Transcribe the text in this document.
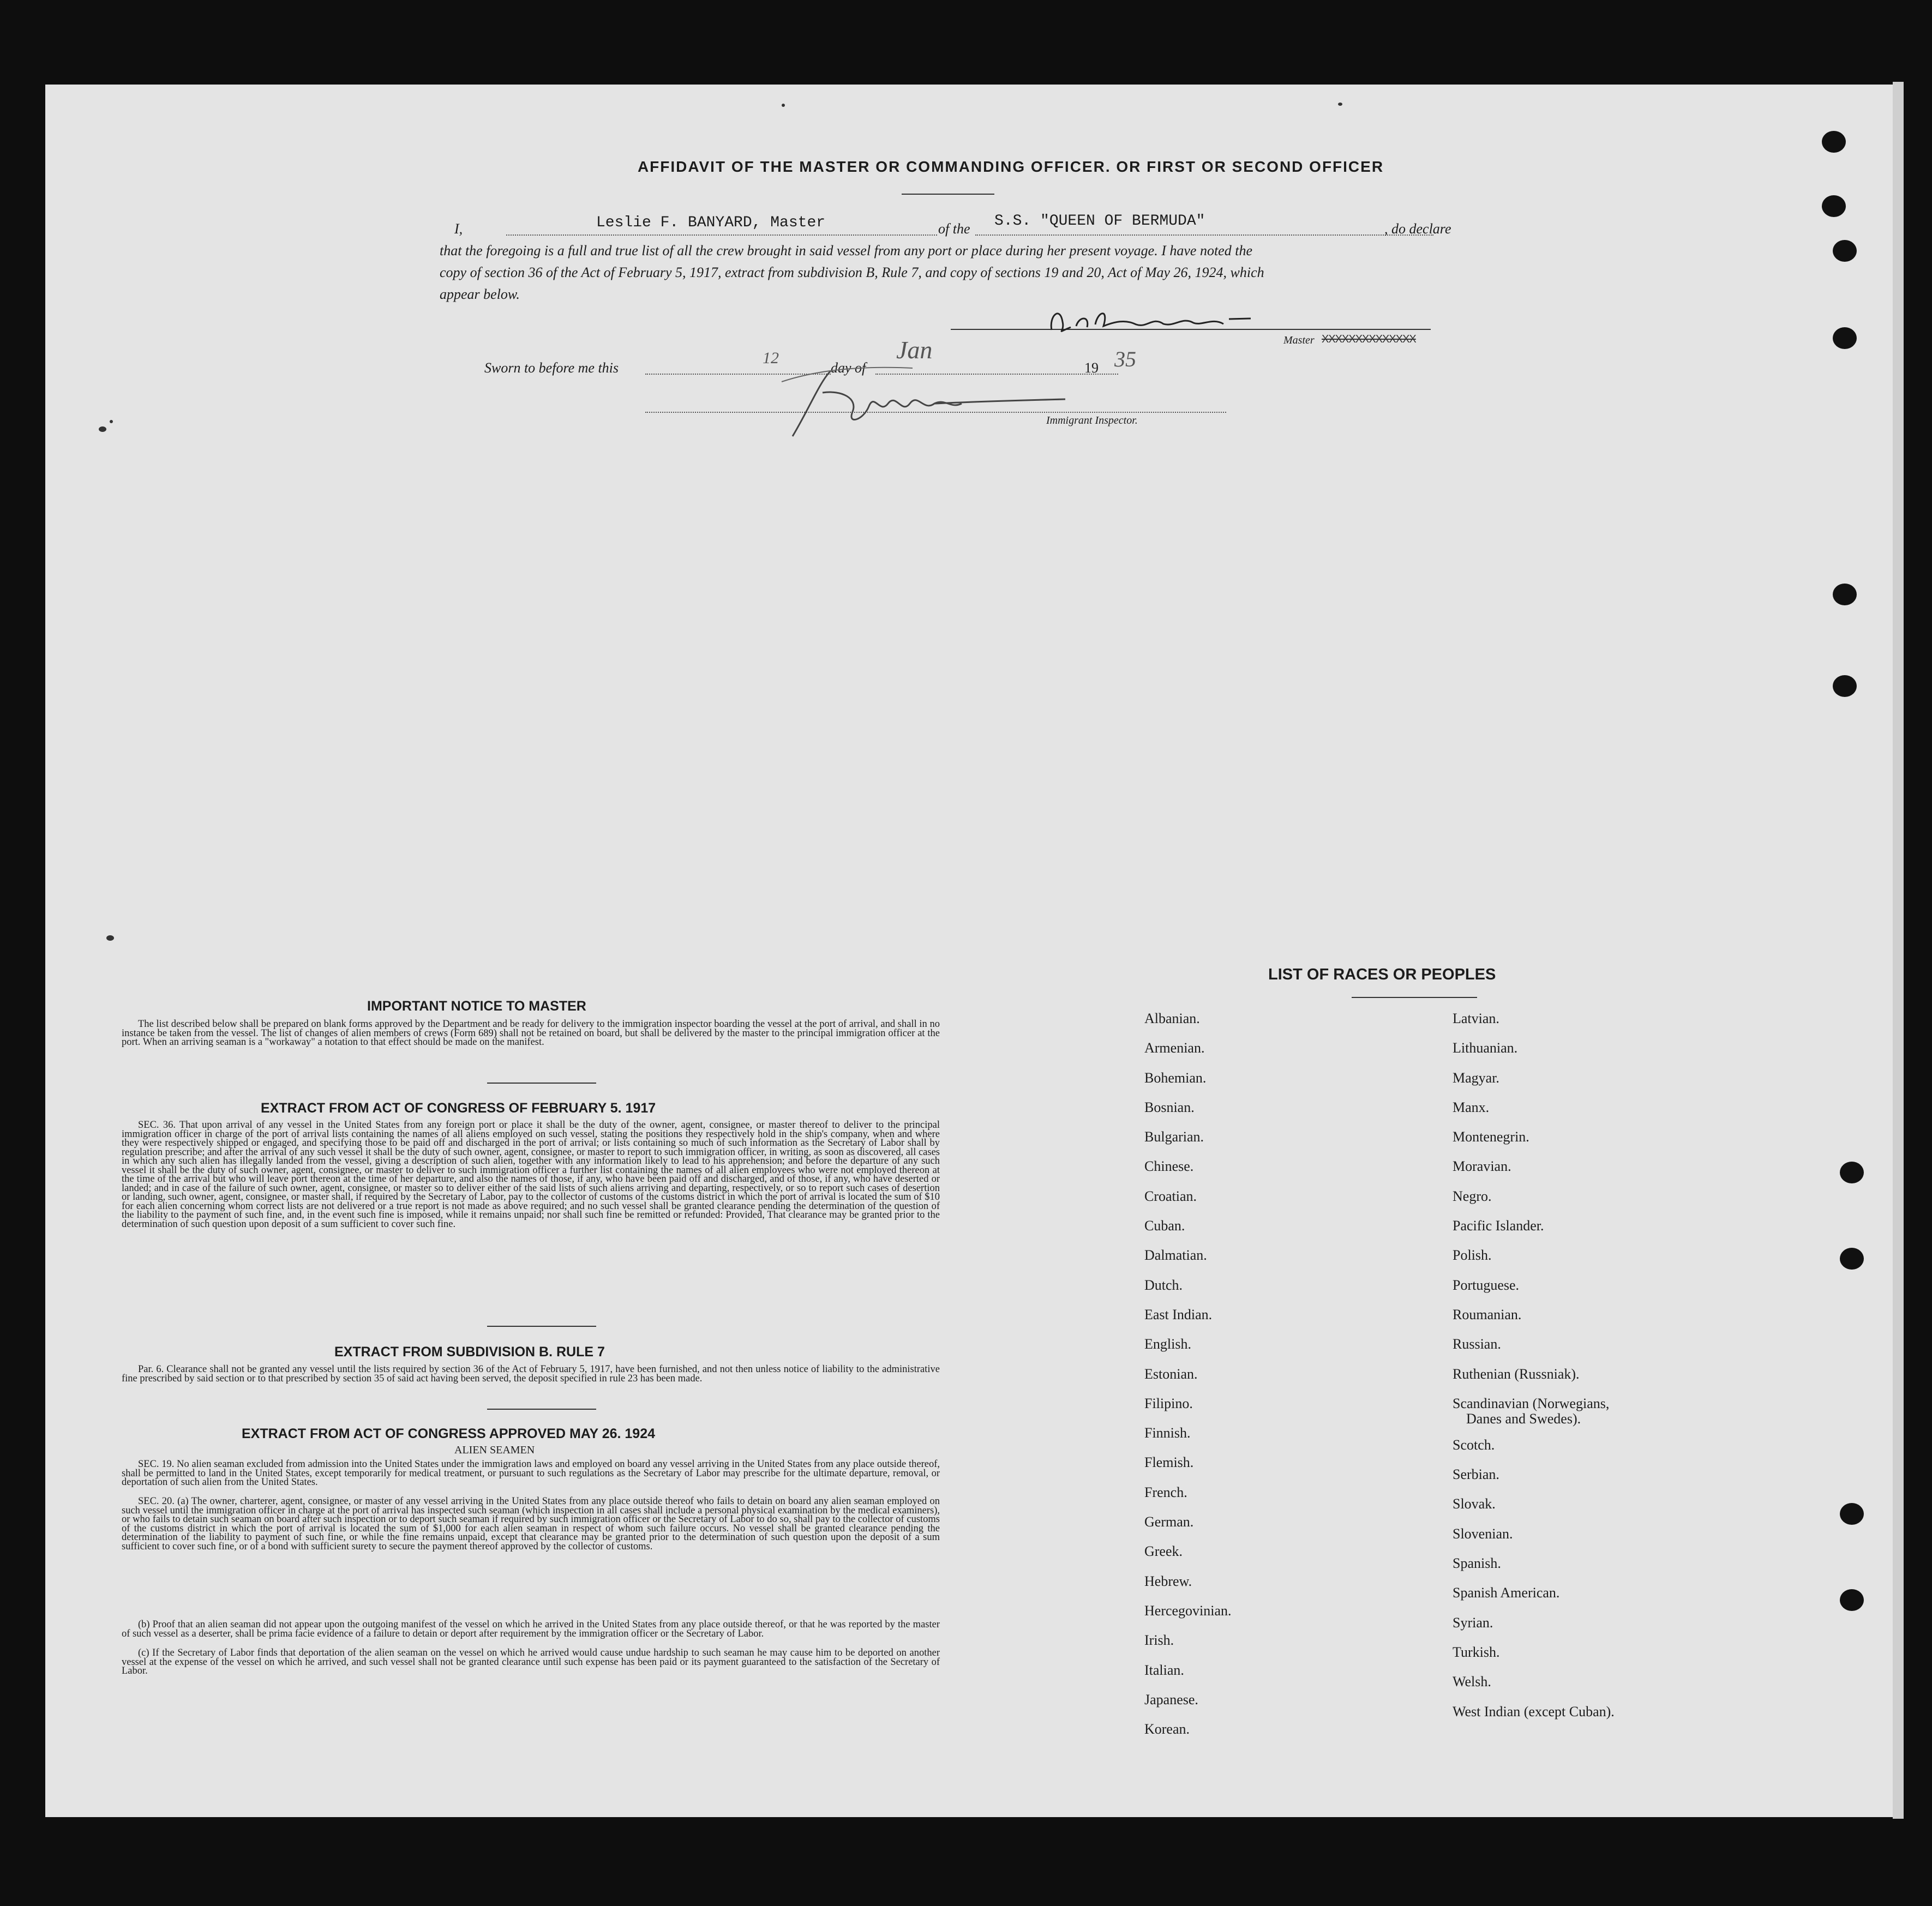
AFFIDAVIT OF THE MASTER OR COMMANDING OFFICER. OR FIRST OR SECOND OFFICER
I,	Leslie F. BANYARD, Master	of the S.S. "QUEEN OF BERMUDA"	, do declare
that the foregoing is a full and true list of all the crew brought in said vessel from any port or place during her present voyage. I have noted the
copy of section 36 of the Act of February 5, 1917, extract from subdivision B, Rule 7, and copy of sections 19 and 20, Act of May 26, 1924, which
appear below.
Master XXXXXXXXXXXXXX
Sworn to before me this
12
day of
Jan
19 35
Immigrant Inspector.
IMPORTANT NOTICE TO MASTER
The list described below shall be prepared on blank forms approved by the Department and be ready for delivery to the immigration inspector boarding the vessel at the port of arrival, and shall in no instance be taken from the vessel. The list of changes of alien members of crews (Form 689) shall not be retained on board, but shall be delivered by the master to the principal immigration officer at the port. When an arriving seaman is a "workaway" a notation to that effect should be made on the manifest.
EXTRACT FROM ACT OF CONGRESS OF FEBRUARY 5. 1917
SEC. 36. That upon arrival of any vessel in the United States from any foreign port or place it shall be the duty of the owner, agent, consignee, or master thereof to deliver to the principal immigration officer in charge of the port of arrival lists containing the names of all aliens employed on such vessel, stating the positions they respectively hold in the ship's company, when and where they were respectively shipped or engaged, and specifying those to be paid off and discharged in the port of arrival; or lists containing so much of such information as the Secretary of Labor shall by regulation prescribe; and after the arrival of any such vessel it shall be the duty of such owner, agent, consignee, or master to report to such immigration officer, in writing, as soon as discovered, all cases in which any such alien has illegally landed from the vessel, giving a description of such alien, together with any information likely to lead to his apprehension; and before the departure of any such vessel it shall be the duty of such owner, agent, consignee, or master to deliver to such immigration officer a further list containing the names of all alien employees who were not employed thereon at the time of the arrival but who will leave port thereon at the time of her departure, and also the names of those, if any, who have been paid off and discharged, and of those, if any, who have deserted or landed; and in case of the failure of such owner, agent, consignee, or master so to deliver either of the said lists of such aliens arriving and departing, respectively, or so to report such cases of desertion or landing, such owner, agent, consignee, or master shall, if required by the Secretary of Labor, pay to the collector of customs of the customs district in which the port of arrival is located the sum of $10 for each alien concerning whom correct lists are not delivered or a true report is not made as above required; and no such vessel shall be granted clearance pending the determination of the question of the liability to the payment of such fine, and, in the event such fine is imposed, while it remains unpaid; nor shall such fine be remitted or refunded: Provided, That clearance may be granted prior to the determination of such question upon deposit of a sum sufficient to cover such fine.
EXTRACT FROM SUBDIVISION B. RULE 7
Par. 6. Clearance shall not be granted any vessel until the lists required by section 36 of the Act of February 5, 1917, have been furnished, and not then unless notice of liability to the administrative fine prescribed by said section or to that prescribed by section 35 of said act having been served, the deposit specified in rule 23 has been made.
EXTRACT FROM ACT OF CONGRESS APPROVED MAY 26. 1924
ALIEN SEAMEN
SEC. 19. No alien seaman excluded from admission into the United States under the immigration laws and employed on board any vessel arriving in the United States from any place outside thereof, shall be permitted to land in the United States, except temporarily for medical treatment, or pursuant to such regulations as the Secretary of Labor may prescribe for the ultimate departure, removal, or deportation of such alien from the United States.
SEC. 20. (a) The owner, charterer, agent, consignee, or master of any vessel arriving in the United States from any place outside thereof who fails to detain on board any alien seaman employed on such vessel until the immigration officer in charge at the port of arrival has inspected such seaman (which inspection in all cases shall include a personal physical examination by the medical examiners), or who fails to detain such seaman on board after such inspection or to deport such seaman if required by such immigration officer or the Secretary of Labor to do so, shall pay to the collector of customs of the customs district in which the port of arrival is located the sum of $1,000 for each alien seaman in respect of whom such failure occurs. No vessel shall be granted clearance pending the determination of the liability to payment of such fine, or while the fine remains unpaid, except that clearance may be granted prior to the determination of such question upon the deposit of a sum sufficient to cover such fine, or of a bond with sufficient surety to secure the payment thereof approved by the collector of customs.
(b) Proof that an alien seaman did not appear upon the outgoing manifest of the vessel on which he arrived in the United States from any place outside thereof, or that he was reported by the master of such vessel as a deserter, shall be prima facie evidence of a failure to detain or deport after requirement by the immigration officer or the Secretary of Labor.
(c) If the Secretary of Labor finds that deportation of the alien seaman on the vessel on which he arrived would cause undue hardship to such seaman he may cause him to be deported on another vessel at the expense of the vessel on which he arrived, and such vessel shall not be granted clearance until such expense has been paid or its payment guaranteed to the satisfaction of the Secretary of Labor.
LIST OF RACES OR PEOPLES
Albanian.
Armenian.
Bohemian.
Bosnian.
Bulgarian.
Chinese.
Croatian.
Cuban.
Dalmatian.
Dutch.
East Indian.
English.
Estonian.
Filipino.
Finnish.
Flemish.
French.
German.
Greek.
Hebrew.
Hercegovinian.
Irish.
Italian.
Japanese.
Korean.
Latvian.
Lithuanian.
Magyar.
Manx.
Montenegrin.
Moravian.
Negro.
Pacific Islander.
Polish.
Portuguese.
Roumanian.
Russian.
Ruthenian (Russniak).
Scandinavian (Norwegians,
Danes and Swedes).
Scotch.
Serbian.
Slovak.
Slovenian.
Spanish.
Spanish American.
Syrian.
Turkish.
Welsh.
West Indian (except Cuban).
